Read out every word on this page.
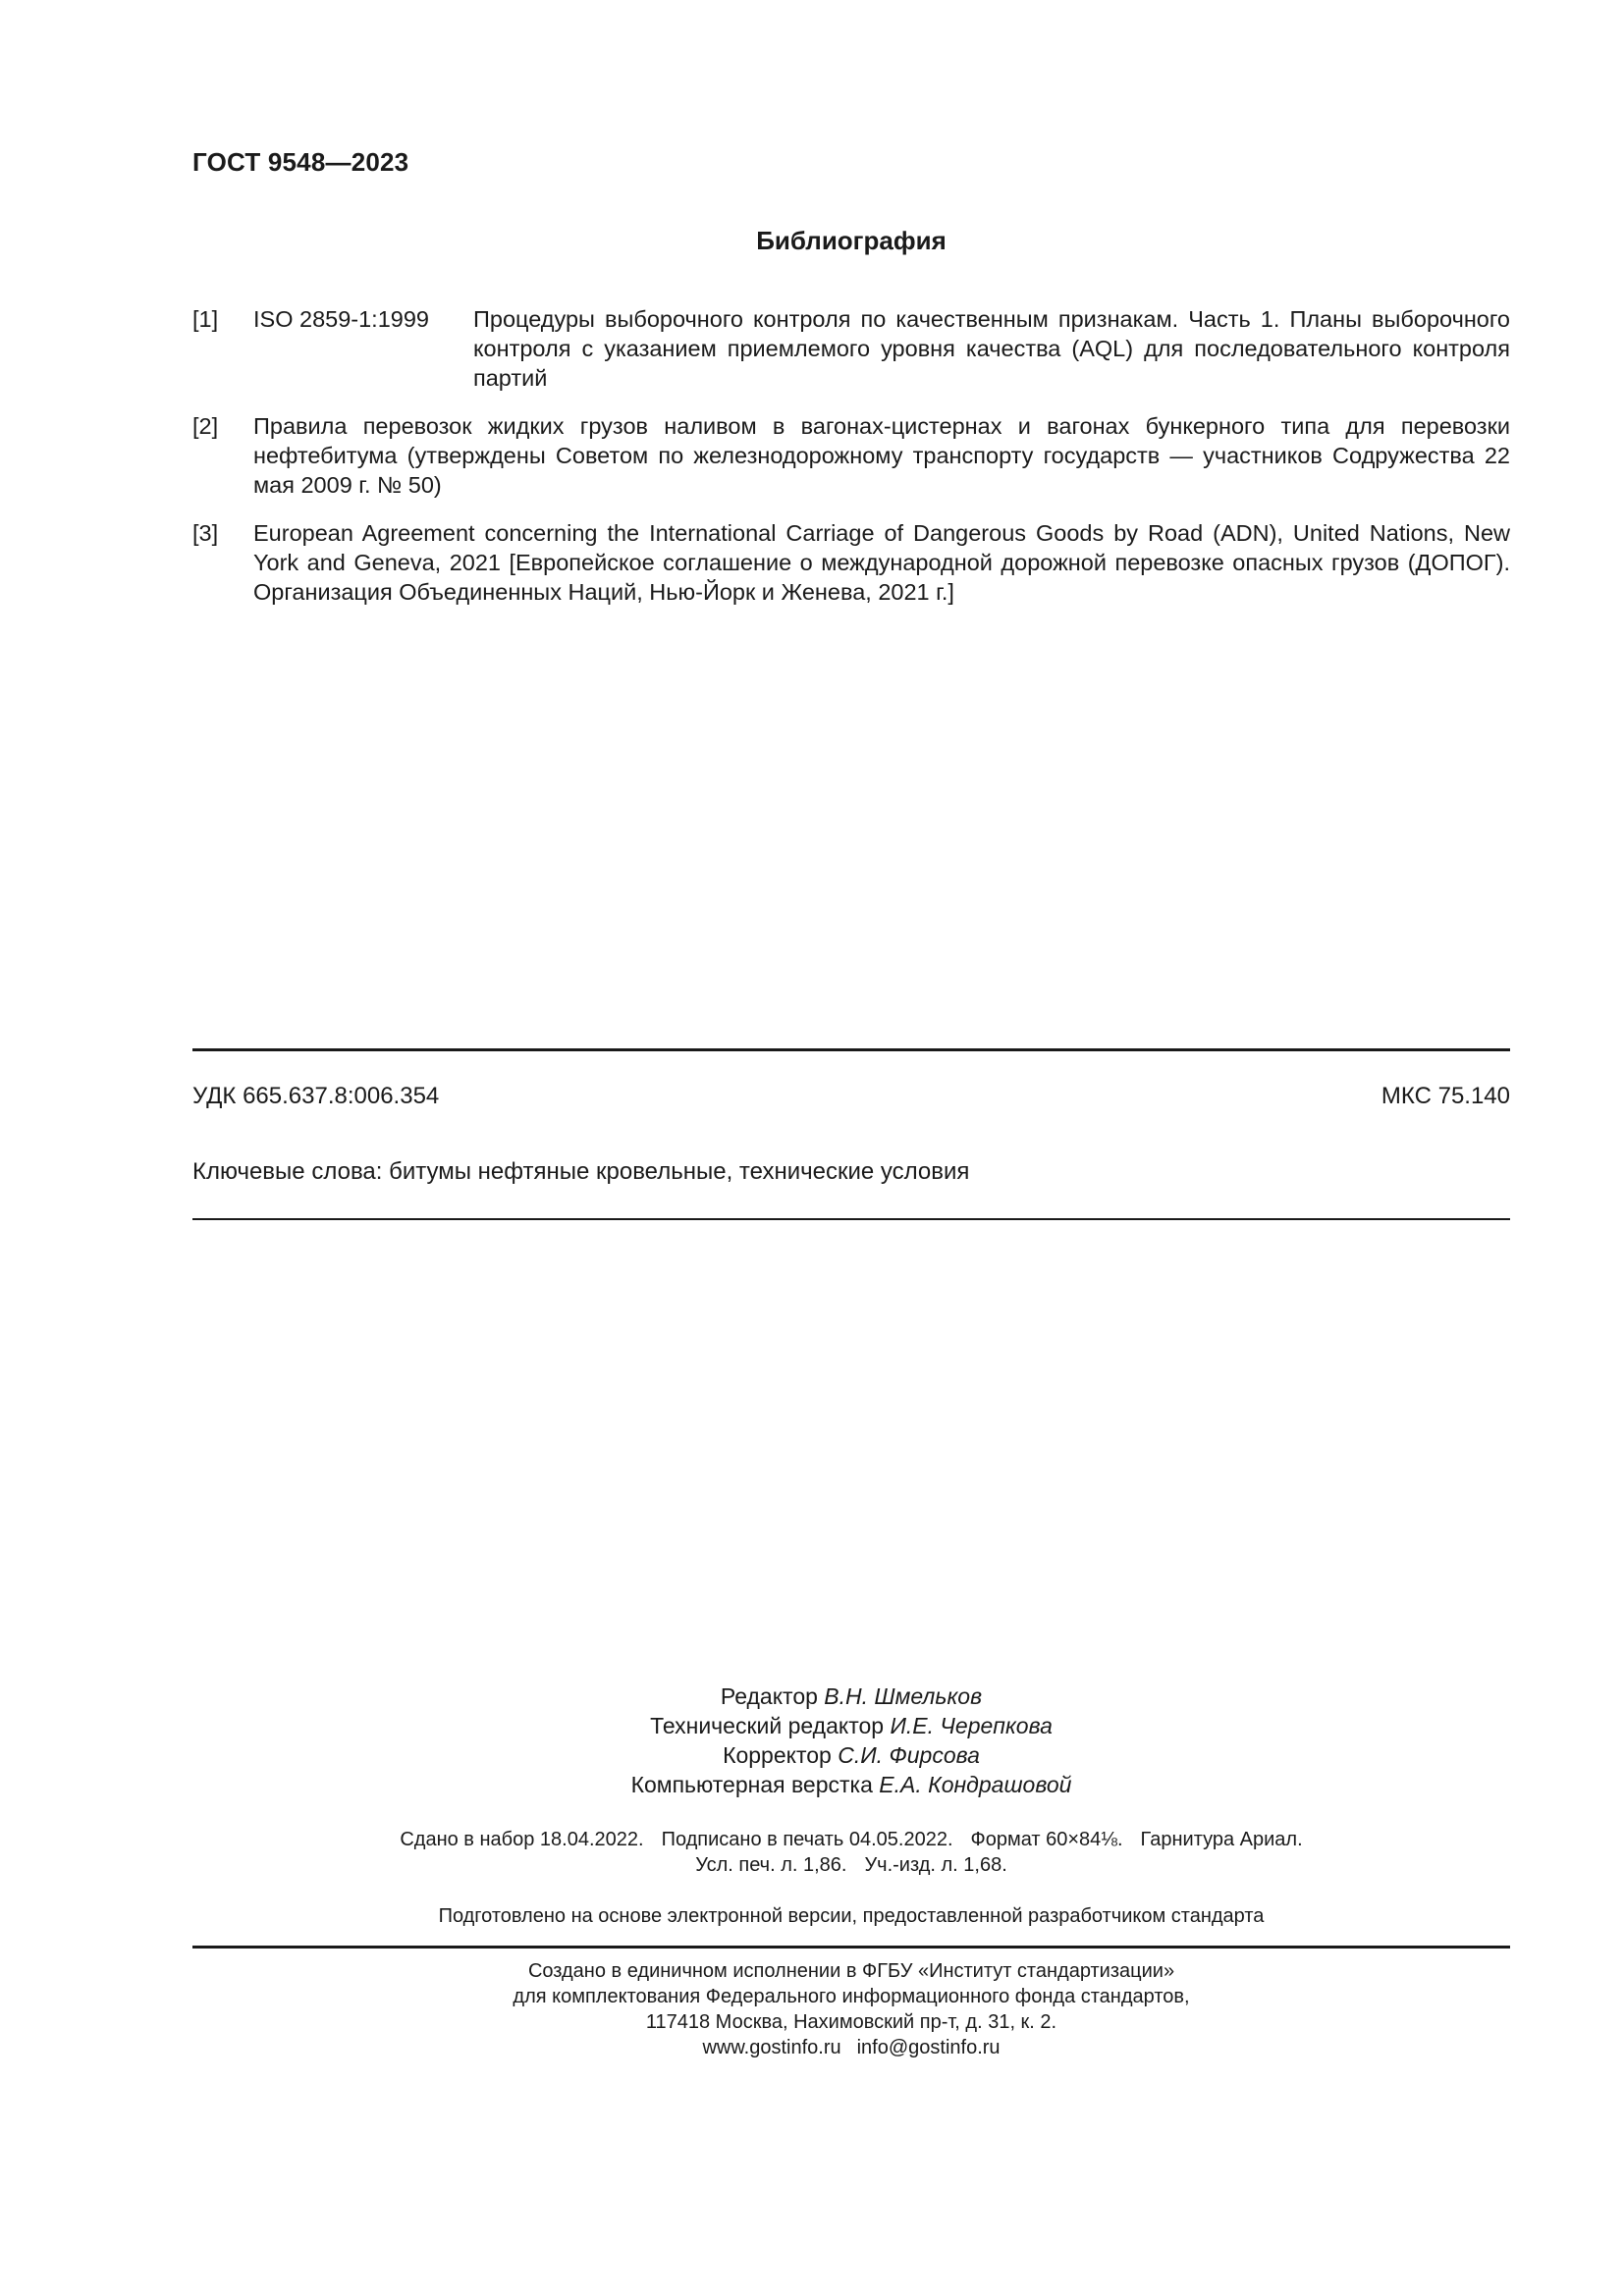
ГОСТ 9548—2023
Библиография
[1] ISO 2859-1:1999 Процедуры выборочного контроля по качественным признакам. Часть 1. Планы выборочного контроля с указанием приемлемого уровня качества (AQL) для последовательного контроля партий
[2] Правила перевозок жидких грузов наливом в вагонах-цистернах и вагонах бункерного типа для перевозки нефтебитума (утверждены Советом по железнодорожному транспорту государств — участников Содружества 22 мая 2009 г. № 50)
[3] European Agreement concerning the International Carriage of Dangerous Goods by Road (ADN), United Nations, New York and Geneva, 2021 [Европейское соглашение о международной дорожной перевозке опасных грузов (ДОПОГ). Организация Объединенных Наций, Нью-Йорк и Женева, 2021 г.]
УДК 665.637.8:006.354	МКС 75.140
Ключевые слова: битумы нефтяные кровельные, технические условия
Редактор В.Н. Шмельков
Технический редактор И.Е. Черепкова
Корректор С.И. Фирсова
Компьютерная верстка Е.А. Кондрашовой
Сдано в набор 18.04.2022. Подписано в печать 04.05.2022. Формат 60×84⅛. Гарнитура Ариал.
Усл. печ. л. 1,86. Уч.-изд. л. 1,68.
Подготовлено на основе электронной версии, предоставленной разработчиком стандарта
Создано в единичном исполнении в ФГБУ «Институт стандартизации»
для комплектования Федерального информационного фонда стандартов,
117418 Москва, Нахимовский пр-т, д. 31, к. 2.
www.gostinfo.ru info@gostinfo.ru
